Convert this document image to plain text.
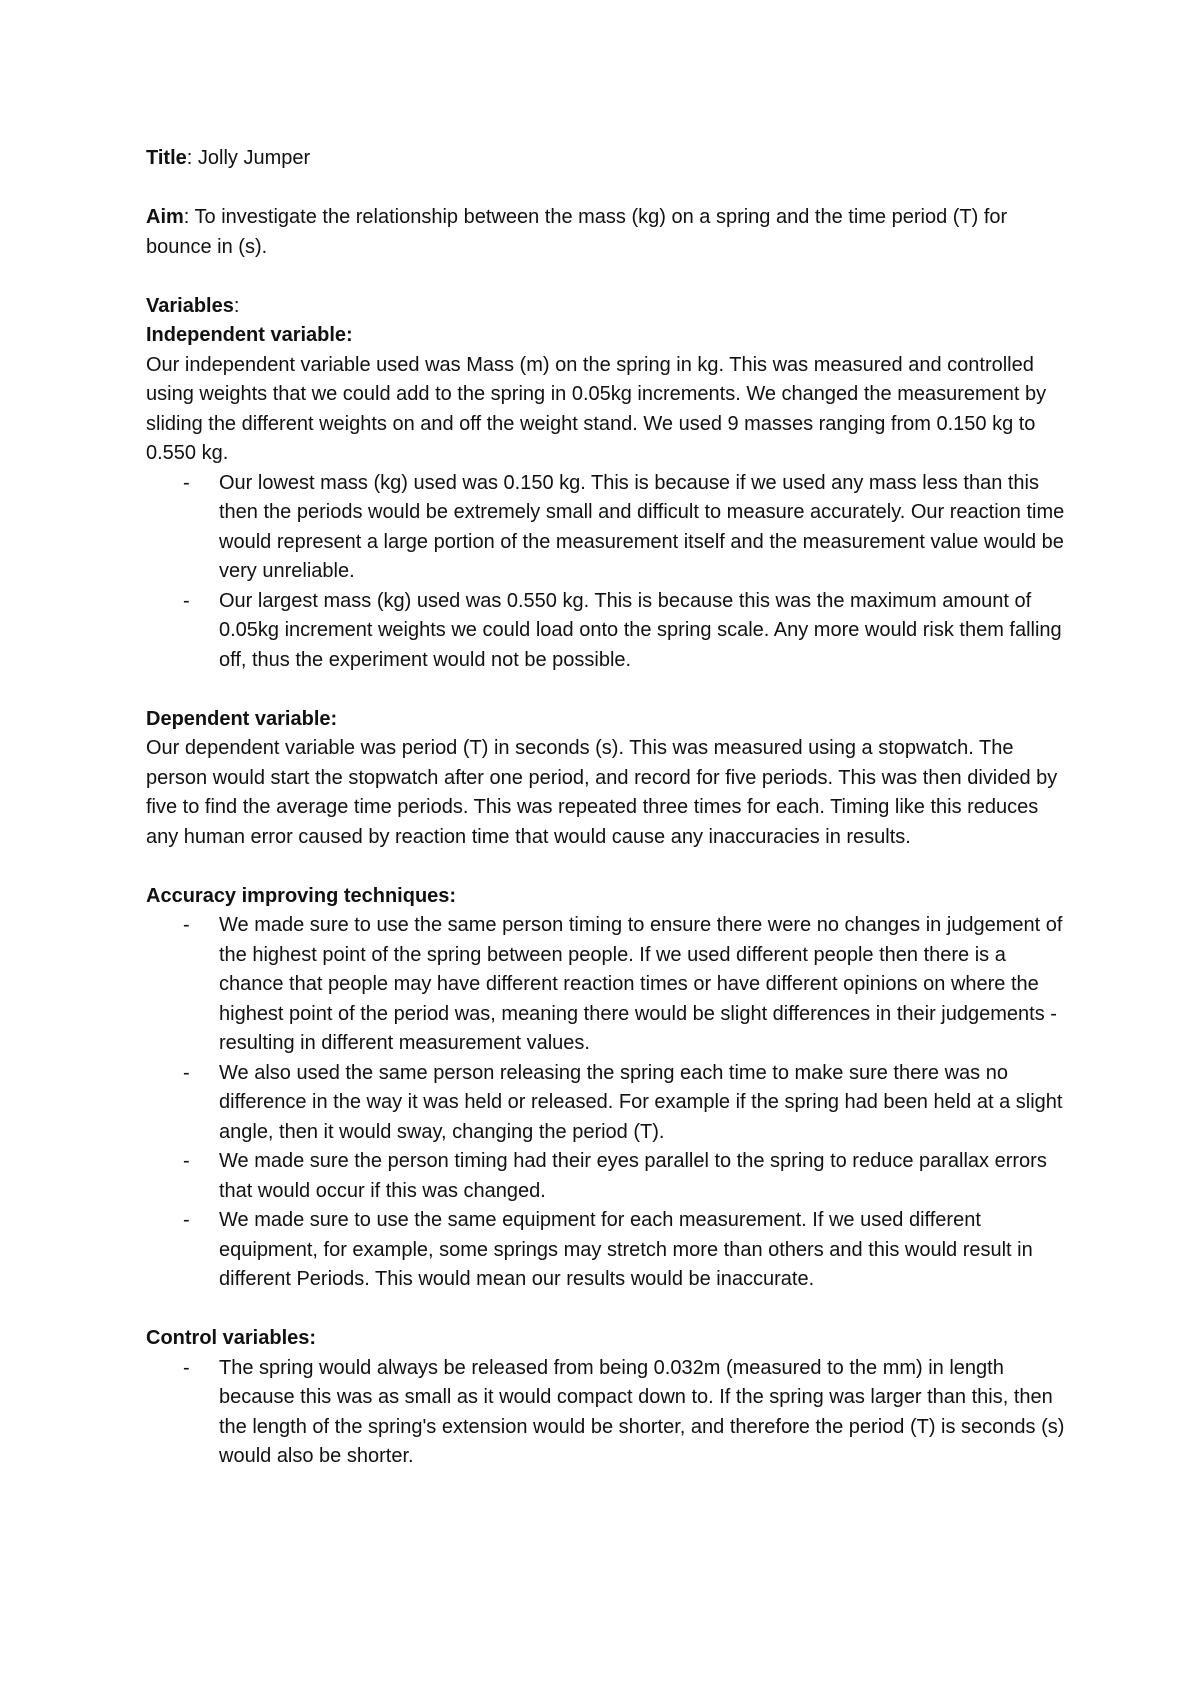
Title: Jolly Jumper

Aim: To investigate the relationship between the mass (kg) on a spring and the time period (T) for bounce in (s).

Variables:

Independent variable:

Our independent variable used was Mass (m) on the spring in kg. This was measured and controlled using weights that we could add to the spring in 0.05kg increments. We changed the measurement by sliding the different weights on and off the weight stand. We used 9 masses ranging from 0.150 kg to 0.550 kg.

- Our lowest mass (kg) used was 0.150 kg. This is because if we used any mass less than this then the periods would be extremely small and difficult to measure accurately. Our reaction time would represent a large portion of the measurement itself and the measurement value would be very unreliable.
- Our largest mass (kg) used was 0.550 kg. This is because this was the maximum amount of 0.05kg increment weights we could load onto the spring scale. Any more would risk them falling off, thus the experiment would not be possible.

Dependent variable:

Our dependent variable was period (T) in seconds (s). This was measured using a stopwatch. The person would start the stopwatch after one period, and record for five periods. This was then divided by five to find the average time periods. This was repeated three times for each. Timing like this reduces any human error caused by reaction time that would cause any inaccuracies in results.

Accuracy improving techniques:

- We made sure to use the same person timing to ensure there were no changes in judgement of the highest point of the spring between people. If we used different people then there is a chance that people may have different reaction times or have different opinions on where the highest point of the period was, meaning there would be slight differences in their judgements - resulting in different measurement values.
- We also used the same person releasing the spring each time to make sure there was no difference in the way it was held or released. For example if the spring had been held at a slight angle, then it would sway, changing the period (T).
- We made sure the person timing had their eyes parallel to the spring to reduce parallax errors that would occur if this was changed.
- We made sure to use the same equipment for each measurement. If we used different equipment, for example, some springs may stretch more than others and this would result in different Periods. This would mean our results would be inaccurate.

Control variables:

- The spring would always be released from being 0.032m (measured to the mm) in length because this was as small as it would compact down to. If the spring was larger than this, then the length of the spring's extension would be shorter, and therefore the period (T) is seconds (s) would also be shorter.
